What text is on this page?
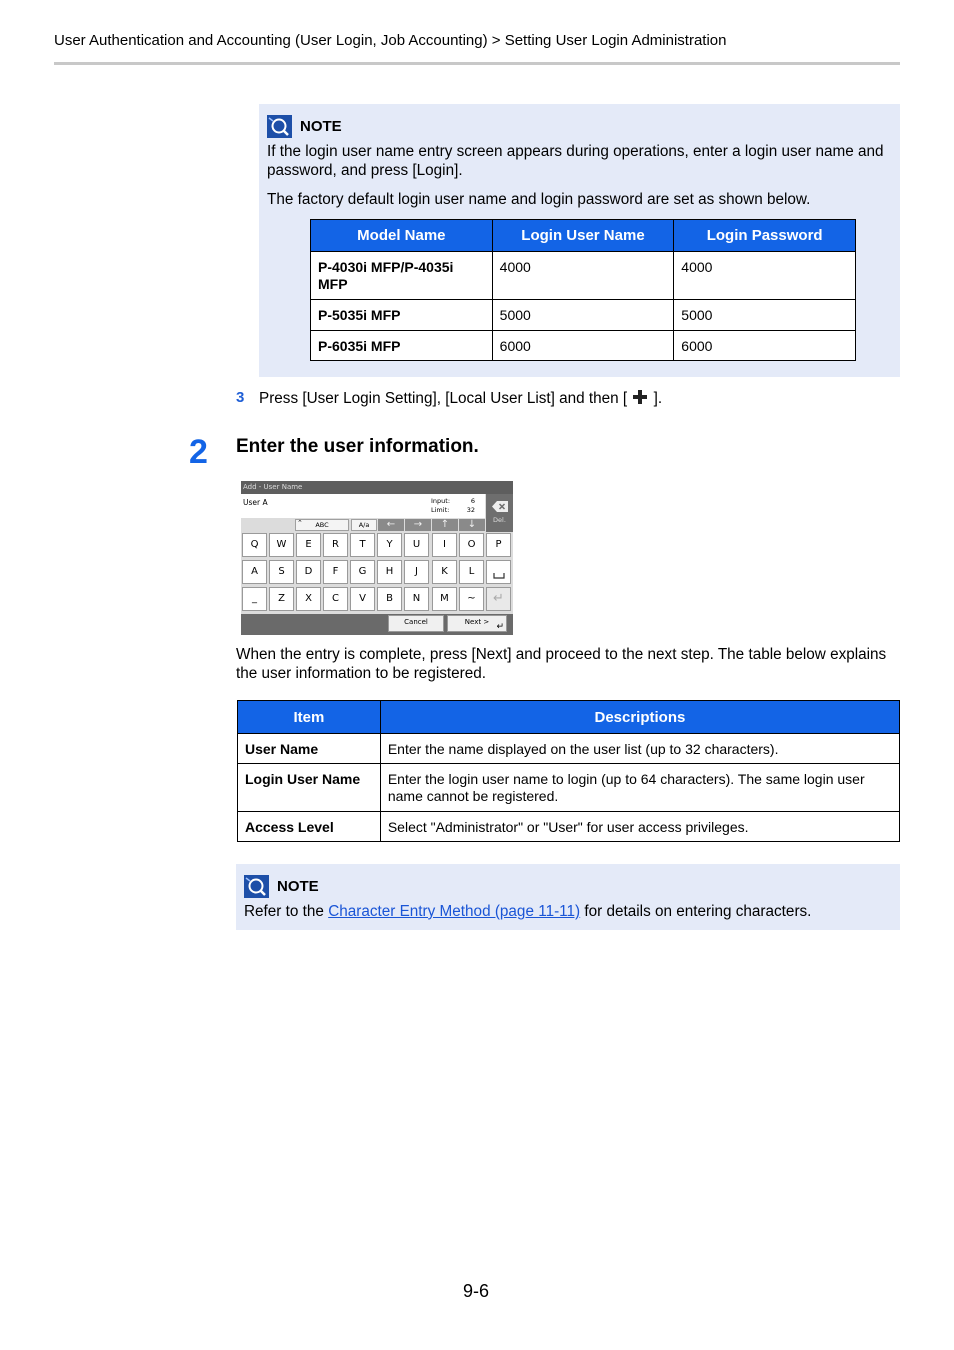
User Authentication and Accounting (User Login, Job Accounting) > Setting User Login Administration
NOTE
If the login user name entry screen appears during operations, enter a login user name and password, and press [Login].
The factory default login user name and login password are set as shown below.
Model Name	Login User Name	Login Password
P-4030i MFP/P-4035i MFP	4000	4000
P-5035i MFP	5000	5000
P-6035i MFP	6000	6000
3 Press [User Login Setting], [Local User List] and then [ ].
2 Enter the user information.
Add - User Name
User A	Input:	6
Limit:	32
Del.
⌃ ABC	A/a	←	→	↑	↓
Q	W	E	R	T	Y	U	I	O	P
A	S	D	F	G	H	J	K	L
_	Z	X	C	V	B	N	M	~	↵
Cancel	Next > ↵
When the entry is complete, press [Next] and proceed to the next step. The table below explains the user information to be registered.
Item	Descriptions
User Name	Enter the name displayed on the user list (up to 32 characters).
Login User Name	Enter the login user name to login (up to 64 characters). The same login user name cannot be registered.
Access Level	Select "Administrator" or "User" for user access privileges.
NOTE
Refer to the Character Entry Method (page 11-11) for details on entering characters.
9-6
